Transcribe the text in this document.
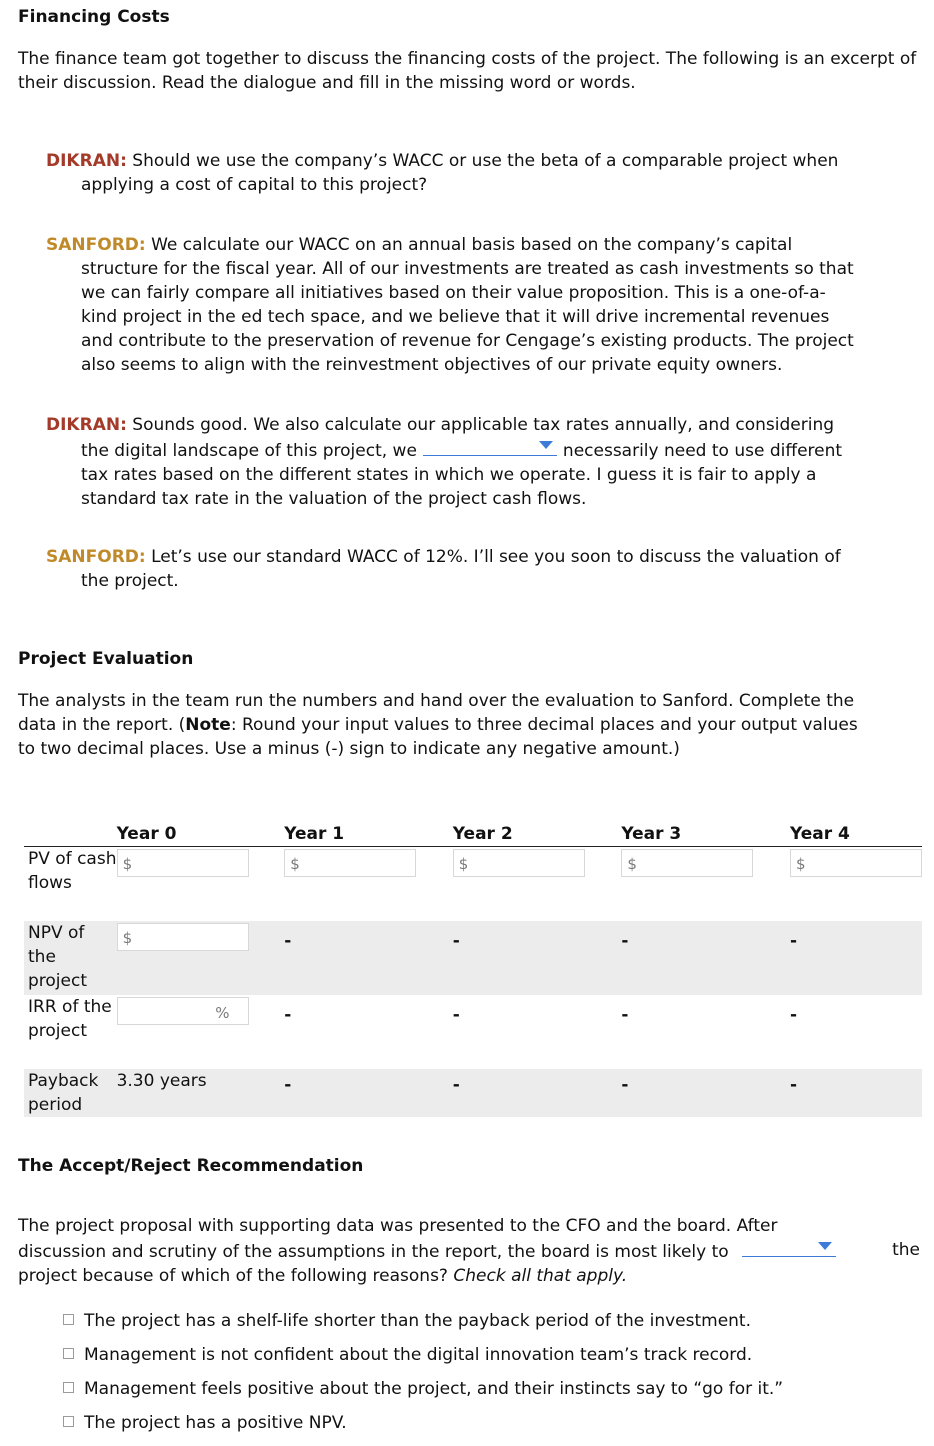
Financing Costs
The finance team got together to discuss the financing costs of the project. The following is an excerpt of their discussion. Read the dialogue and fill in the missing word or words.
DIKRAN: Should we use the company’s WACC or use the beta of a comparable project when
applying a cost of capital to this project?
SANFORD: We calculate our WACC on an annual basis based on the company’s capital
structure for the fiscal year. All of our investments are treated as cash investments so that
we can fairly compare all initiatives based on their value proposition. This is a one-of-a-
kind project in the ed tech space, and we believe that it will drive incremental revenues
and contribute to the preservation of revenue for Cengage’s existing products. The project
also seems to align with the reinvestment objectives of our private equity owners.
DIKRAN: Sounds good. We also calculate our applicable tax rates annually, and considering
the digital landscape of this project, we	necessarily need to use different
tax rates based on the different states in which we operate. I guess it is fair to apply a
standard tax rate in the valuation of the project cash flows.
SANFORD: Let’s use our standard WACC of 12%. I’ll see you soon to discuss the valuation of
the project.
Project Evaluation
The analysts in the team run the numbers and hand over the evaluation to Sanford. Complete the
data in the report. (Note: Round your input values to three decimal places and your output values
to two decimal places. Use a minus (-) sign to indicate any negative amount.)
	Year 0	Year 1	Year 2	Year 3	Year 4
PV of cash flows	$	$	$	$	$

NPV of the project	$	-	-	-	-
IRR of the project	%	-	-	-	-
Payback period	3.30 years	-	-	-	-
The Accept/Reject Recommendation
The project proposal with supporting data was presented to the CFO and the board. After
discussion and scrutiny of the assumptions in the report, the board is most likely to	the
project because of which of the following reasons? Check all that apply.
The project has a shelf-life shorter than the payback period of the investment.
Management is not confident about the digital innovation team’s track record.
Management feels positive about the project, and their instincts say to “go for it.”
The project has a positive NPV.
